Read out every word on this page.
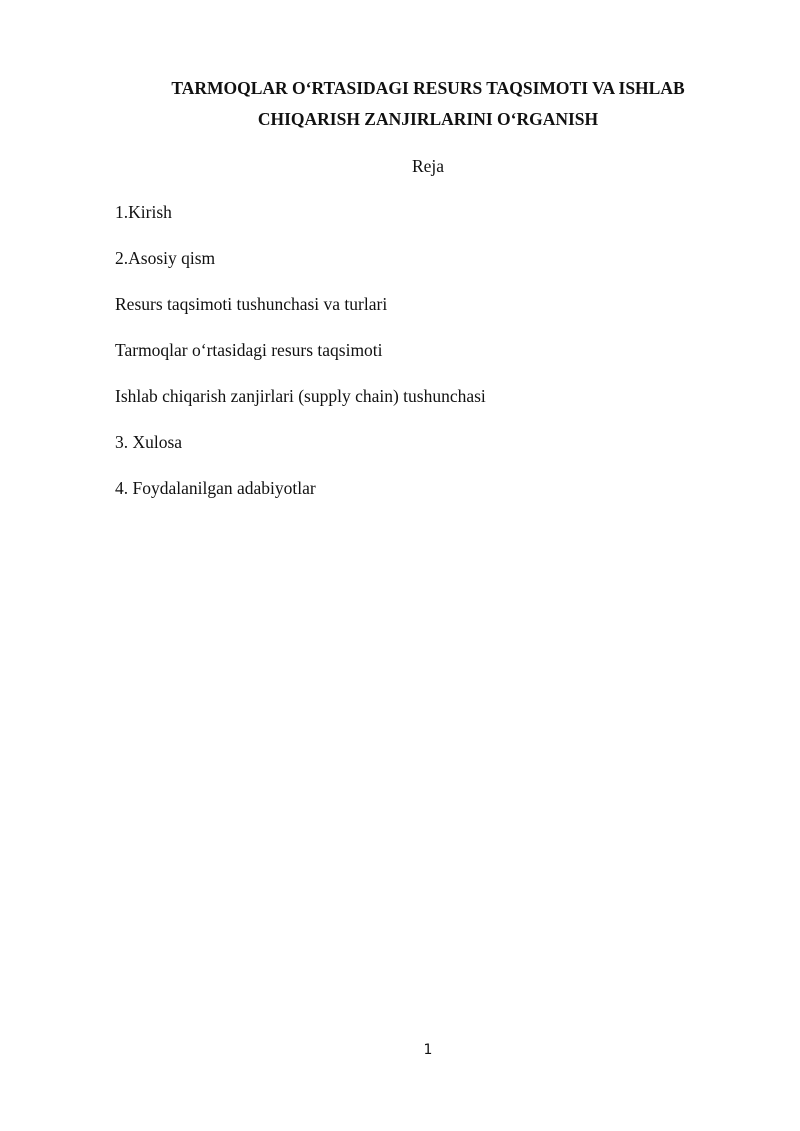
TARMOQLAR O‘RTASIDAGI RESURS TAQSIMOTI VA ISHLAB
CHIQARISH ZANJIRLARINI O‘RGANISH

Reja

1.Kirish
2.Asosiy qism
Resurs taqsimoti tushunchasi va turlari
Tarmoqlar o‘rtasidagi resurs taqsimoti
Ishlab chiqarish zanjirlari (supply chain) tushunchasi
3. Xulosa
4. Foydalanilgan adabiyotlar
1
